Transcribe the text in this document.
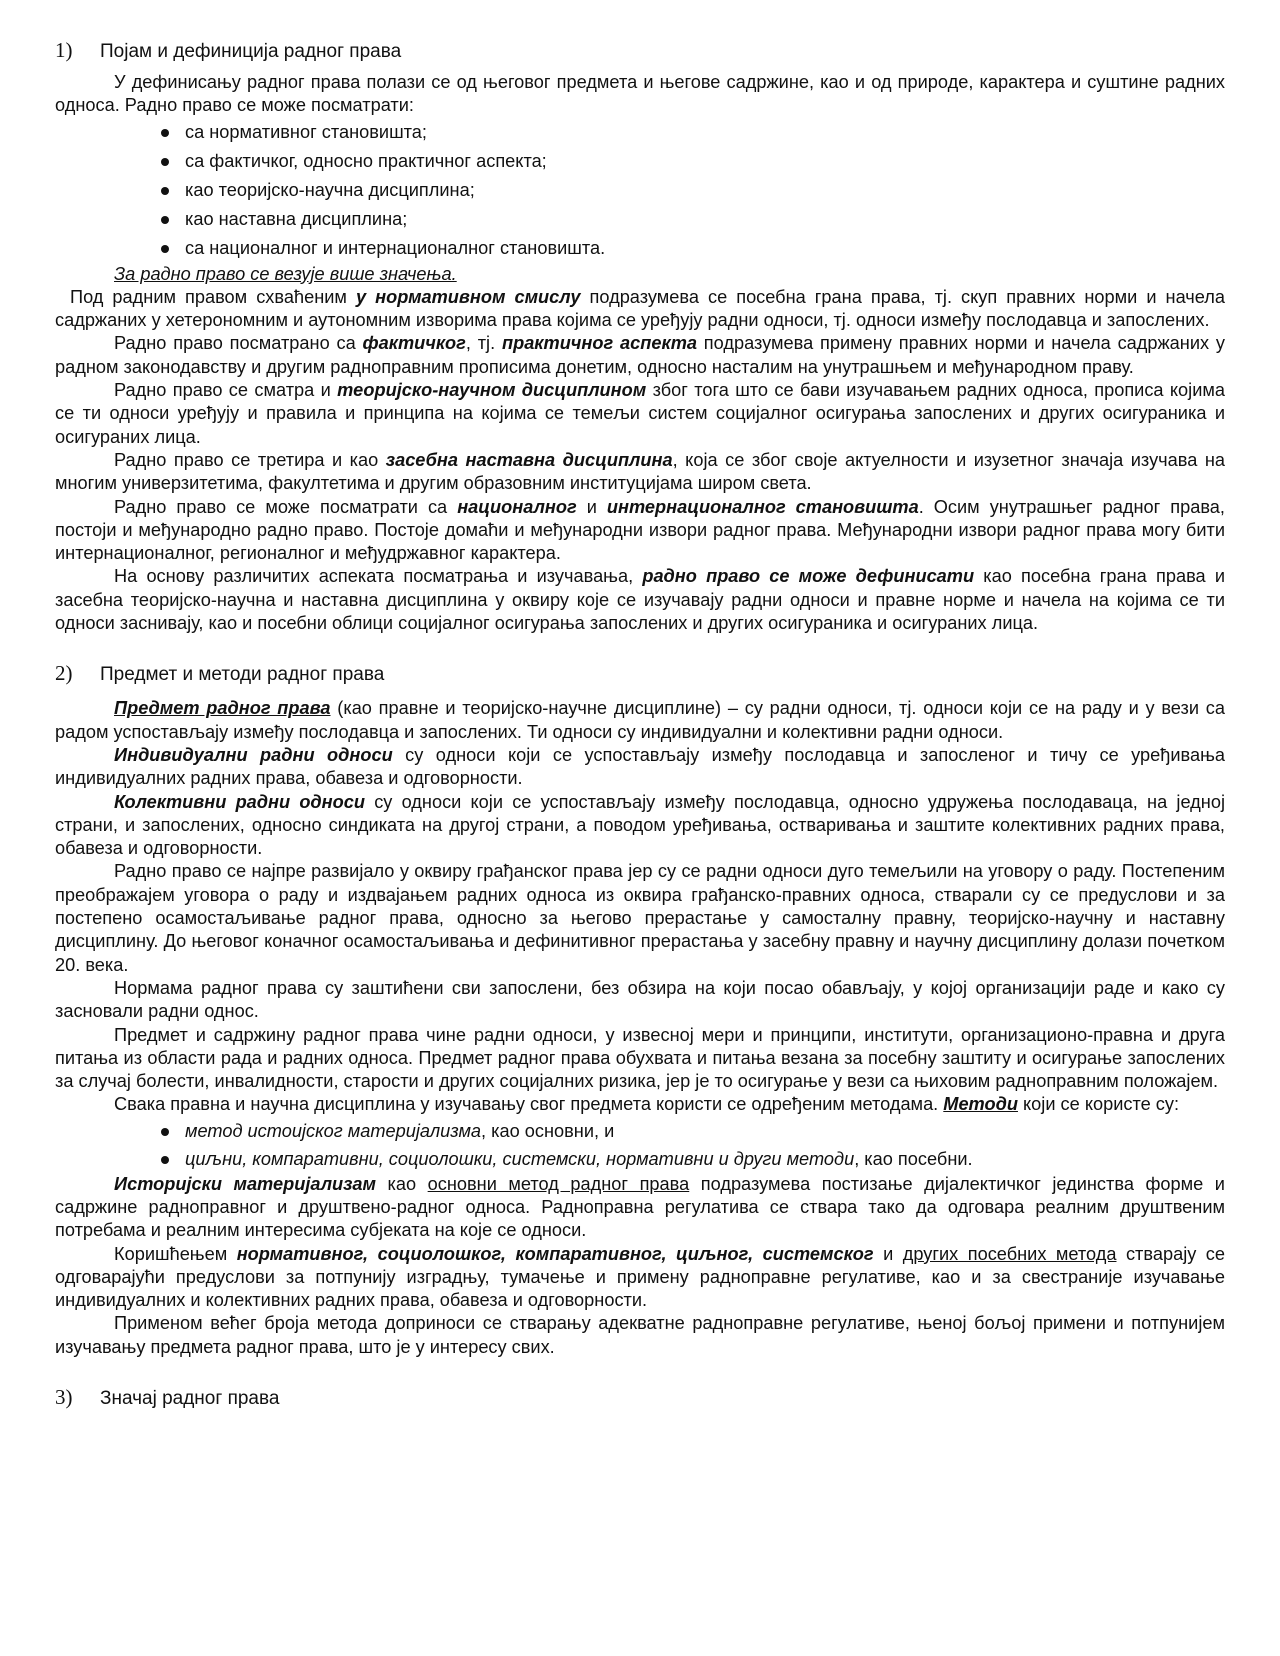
1)	Појам и дефиниција радног права

У дефинисању радног права полази се од његовог предмета и његове садржине, као и од природе, карактера и суштине радних односа. Радно право се може посматрати:

са нормативног становишта;
са фактичког, односно практичног аспекта;
као теоријско-научна дисциплина;
као наставна дисциплина;
са националног и интернационалног становишта.
За радно право се везује више значења.

Под радним правом схваћеним у нормативном смислу подразумева се посебна грана права, тј. скуп правних норми и начела садржаних у хетерономним и аутономним изворима права којима се уређују радни односи, тј. односи између послодавца и запослених.

Радно право посматрано са фактичког, тј. практичног аспекта подразумева примену правних норми и начела садржаних у радном законодавству и другим радноправним прописима донетим, односно насталим на унутрашњем и међународном праву.

Радно право се сматра и теоријско-научном дисциплином због тога што се бави изучавањем радних односа, прописа којима се ти односи уређују и правила и принципа на којима се темељи систем социјалног осигурања запослених и других осигураника и осигураних лица.

Радно право се третира и као засебна наставна дисциплина, која се због своје актуелности и изузетног значаја изучава на многим универзитетима, факултетима и другим образовним институцијама широм света.

Радно право се може посматрати са националног и интернационалног становишта. Осим унутрашњег радног права, постоји и међународно радно право. Постоје домаћи и међународни извори радног права. Међународни извори радног права могу бити интернационалног, регионалног и међудржавног карактера.

На основу различитих аспеката посматрања и изучавања, радно право се може дефинисати као посебна грана права и засебна теоријско-научна и наставна дисциплина у оквиру које се изучавају радни односи и правне норме и начела на којима се ти односи заснивају, као и посебни облици социјалног осигурања запослених и других осигураника и осигураних лица.

2)	Предмет и методи радног права

Предмет радног права (као правне и теоријско-научне дисциплине) – су радни односи, тј. односи који се на раду и у вези са радом успостављају између послодавца и запослених. Ти односи су индивидуални и колективни радни односи.

Индивидуални радни односи су односи који се успостављају између послодавца и запосленог и тичу се уређивања индивидуалних радних права, обавеза и одговорности.

Колективни радни односи су односи који се успостављају између послодавца, односно удружења послодаваца, на једној страни, и запослених, односно синдиката на другој страни, а поводом уређивања, остваривања и заштите колективних радних права, обавеза и одговорности.

Радно право се најпре развијало у оквиру грађанског права јер су се радни односи дуго темељили на уговору о раду. Постепеним преображајем уговора о раду и издвајањем радних односа из оквира грађанско-правних односа, стварали су се предуслови и за постепено осамостаљивање радног права, односно за његово прерастање у самосталну правну, теоријско-научну и наставну дисциплину. До његовог коначног осамостаљивања и дефинитивног прерастања у засебну правну и научну дисциплину долази почетком 20. века.

Нормама радног права су заштићени сви запослени, без обзира на који посао обављају, у којој организацији раде и како су засновали радни однос.

Предмет и садржину радног права чине радни односи, у извесној мери и принципи, институти, организационо-правна и друга питања из области рада и радних односа. Предмет радног права обухвата и питања везана за посебну заштиту и осигурање запослених за случај болести, инвалидности, старости и других социјалних ризика, јер је то осигурање у вези са њиховим радноправним положајем.

Свака правна и научна дисциплина у изучавању свог предмета користи се одређеним методама. Методи који се користе су:

метод истоијског материјализма, као основни, и
циљни, компаративни, социолошки, системски, нормативни и други методи, као посебни.

Историјски материјализам као основни метод радног права подразумева постизање дијалектичког јединства форме и садржине радноправног и друштвено-радног односа. Радноправна регулатива се ствара тако да одговара реалним друштвеним потребама и реалним интересима субјеката на које се односи.

Коришћењем нормативног, социолошког, компаративног, циљног, системског и других посебних метода стварају се одговарајући предуслови за потпунију изградњу, тумачење и примену радноправне регулативе, као и за свестраније изучавање индивидуалних и колективних радних права, обавеза и одговорности.

Применом већег броја метода доприноси се стварању адекватне радноправне регулативе, њеној бољој примени и потпунијем изучавању предмета радног права, што је у интересу свих.

3)	Значај радног права
